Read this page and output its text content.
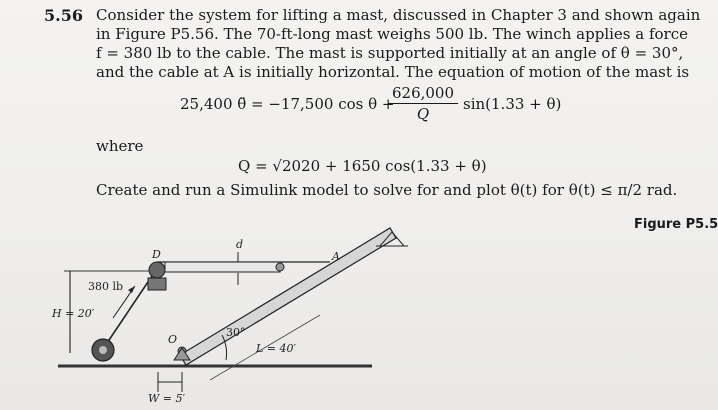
5.56 Consider the system for lifting a mast, discussed in Chapter 3 and shown again
in Figure P5.56. The 70-ft-long mast weighs 500 lb. The winch applies a force
f = 380 lb to the cable. The mast is supported initially at an angle of θ = 30°,
and the cable at A is initially horizontal. The equation of motion of the mast is
25,400 θ̈ = −17,500 cos θ +
626,000
Q
sin(1.33 + θ)
where
Q = √2020 + 1650 cos(1.33 + θ)
Create and run a Simulink model to solve for and plot θ(t) for θ(t) ≤ π/2 rad.
Figure P5.5
d
D	A
380 lb
H = 20′
O
30°
L = 40′
W = 5′
